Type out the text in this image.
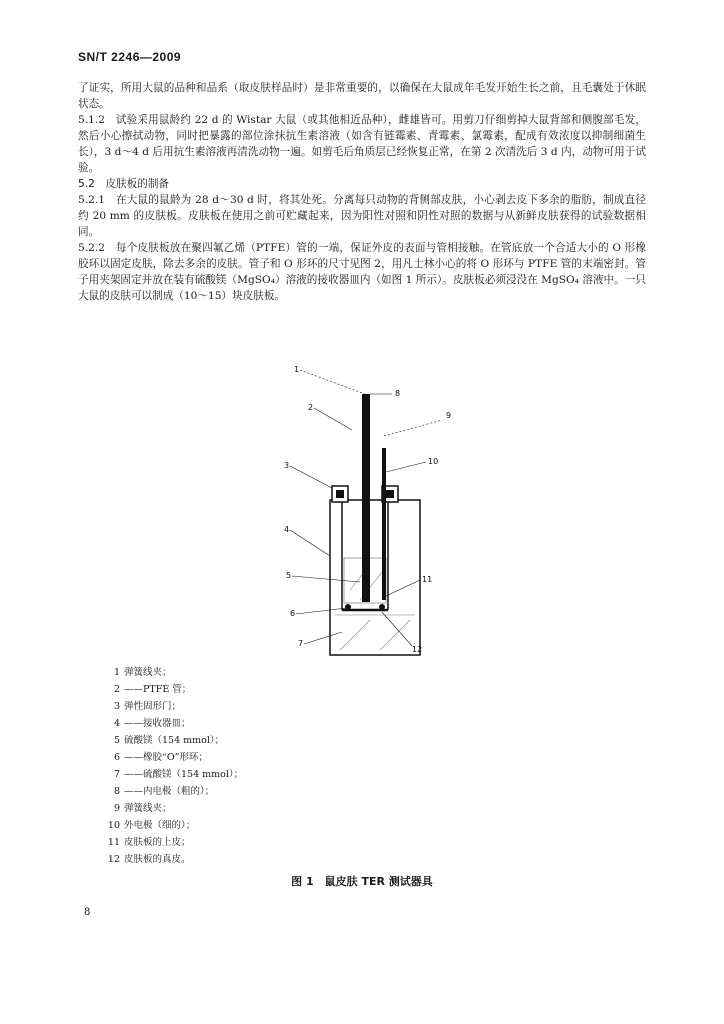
SN/T 2246—2009

了证实，所用大鼠的品种和品系（取皮肤样品时）是非常重要的，以确保在大鼠成年毛发开始生长之前，且毛囊处于休眠状态。

5.1.2　试验采用鼠龄约 22 d 的 Wistar 大鼠（或其他相近品种），雌雄皆可。用剪刀仔细剪掉大鼠背部和侧腹部毛发，然后小心擦拭动物，同时把暴露的部位涂抹抗生素溶液（如含有链霉素、青霉素、氯霉素，配成有效浓度以抑制细菌生长），3 d～4 d 后用抗生素溶液再清洗动物一遍。如剪毛后角质层已经恢复正常，在第 2 次清洗后 3 d 内，动物可用于试验。

5.2　皮肤板的制备

5.2.1　在大鼠的鼠龄为 28 d～30 d 时，将其处死。分离每只动物的背侧部皮肤，小心剥去皮下多余的脂肪，制成直径约 20 mm 的皮肤板。皮肤板在使用之前可贮藏起来，因为阳性对照和阴性对照的数据与从新鲜皮肤获得的试验数据相同。

5.2.2　每个皮肤板放在聚四氟乙烯（PTFE）管的一端，保证外皮的表面与管相接触。在管底放一个合适大小的 O 形橡胶环以固定皮肤，除去多余的皮肤。管子和 O 形环的尺寸见图 2，用凡士林小心的将 O 形环与 PTFE 管的末端密封。管子用夹架固定并放在装有硫酸镁（MgSO₄）溶液的接收器皿内（如图 1 所示）。皮肤板必须浸没在 MgSO₄ 溶液中。一只大鼠的皮肤可以制成（10～15）块皮肤板。

1
2
3
4
5
6
7
8
9
10
11
12
1 弹簧线夹；
2 ——PTFE 管；
3 弹性固形门；
4 ——接收器皿；
5 硫酸镁（154 mmol）；
6 ——橡胶“O”形环；
7 ——硫酸镁（154 mmol）；
8 ——内电极（粗的）；
9 弹簧线夹；
10 外电极（细的）；
11 皮肤板的上皮；
12 皮肤板的真皮。
图 1　鼠皮肤 TER 测试器具
8
